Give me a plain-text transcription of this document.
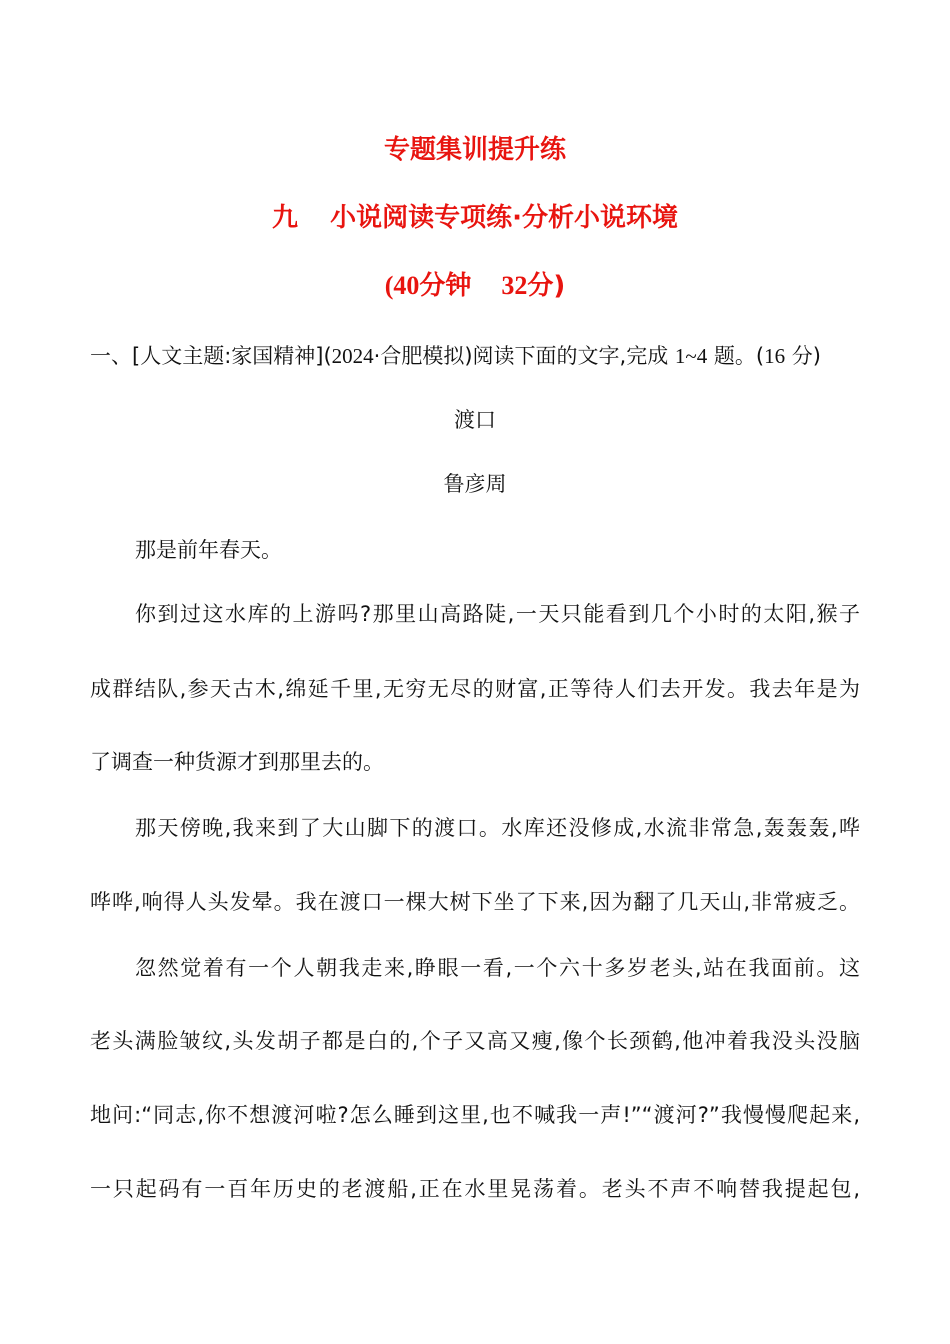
专题集训提升练
九 小说阅读专项练·分析小说环境
(40分钟 32分)
一、[人文主题:家国精神](2024·合肥模拟)阅读下面的文字,完成 1~4 题。(16 分)
渡口
鲁彦周
那是前年春天。
你到过这水库的上游吗?那里山高路陡,一天只能看到几个小时的太阳,猴子
成群结队,参天古木,绵延千里,无穷无尽的财富,正等待人们去开发。我去年是为
了调查一种货源才到那里去的。
那天傍晚,我来到了大山脚下的渡口。水库还没修成,水流非常急,轰轰轰,哗
哗哗,响得人头发晕。我在渡口一棵大树下坐了下来,因为翻了几天山,非常疲乏。
忽然觉着有一个人朝我走来,睁眼一看,一个六十多岁老头,站在我面前。这
老头满脸皱纹,头发胡子都是白的,个子又高又瘦,像个长颈鹤,他冲着我没头没脑
地问:“同志,你不想渡河啦?怎么睡到这里,也不喊我一声!”“渡河?”我慢慢爬起来,
一只起码有一百年历史的老渡船,正在水里晃荡着。老头不声不响替我提起包,
